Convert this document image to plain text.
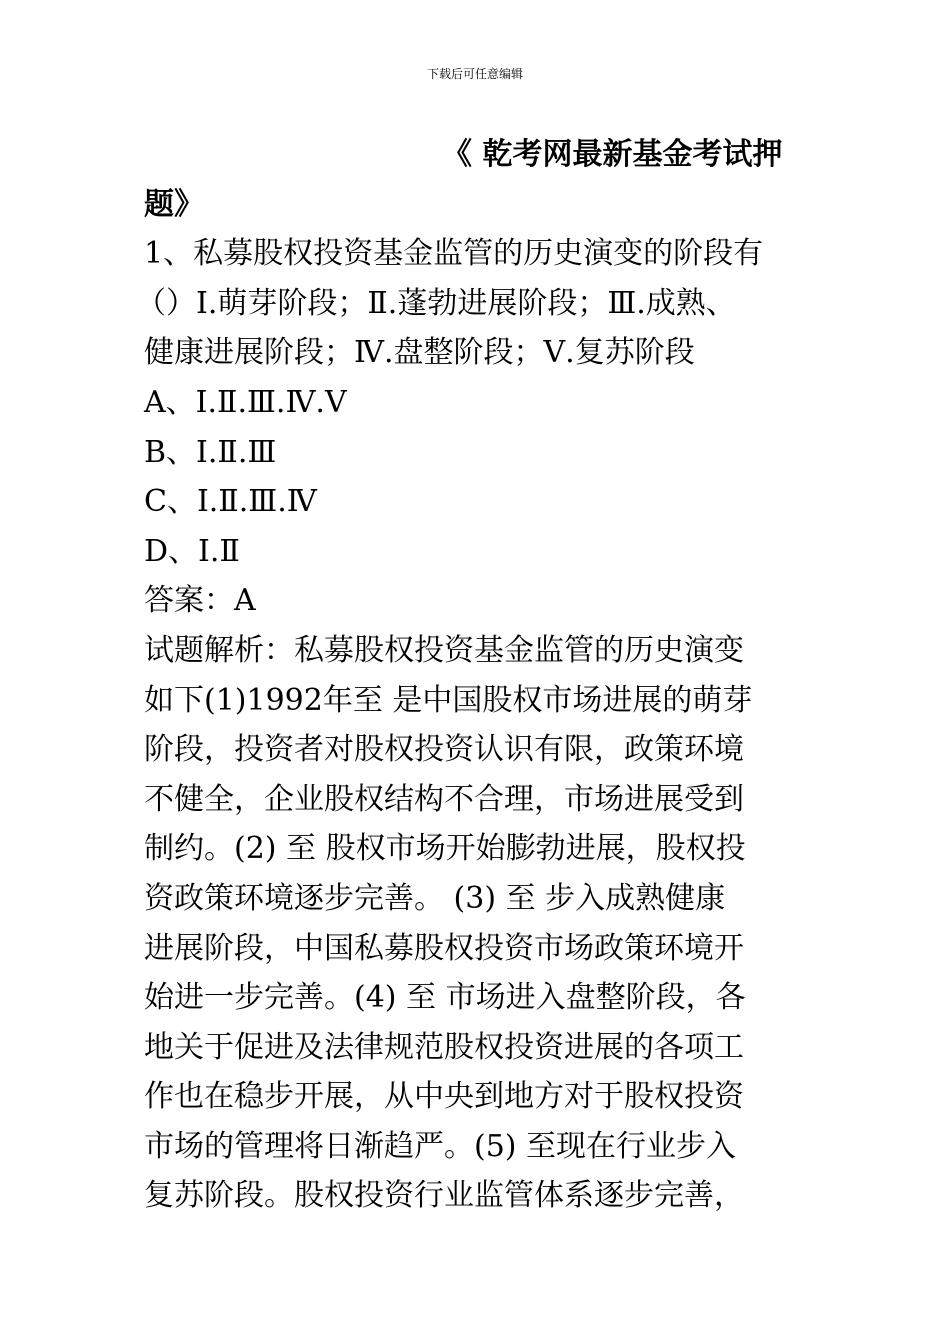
下载后可任意编辑
《 乾考网最新基金考试押
题》
1、私募股权投资基金监管的历史演变的阶段有
（）Ⅰ.萌芽阶段；Ⅱ.蓬勃进展阶段；Ⅲ.成熟、
健康进展阶段；Ⅳ.盘整阶段；Ⅴ.复苏阶段
A、Ⅰ.Ⅱ.Ⅲ.Ⅳ.Ⅴ
B、Ⅰ.Ⅱ.Ⅲ
C、Ⅰ.Ⅱ.Ⅲ.Ⅳ
D、Ⅰ.Ⅱ
答案：A
试题解析：私募股权投资基金监管的历史演变
如下(1)1992年至 是中国股权市场进展的萌芽
阶段，投资者对股权投资认识有限，政策环境
不健全，企业股权结构不合理，市场进展受到
制约。(2) 至 股权市场开始膨勃进展，股权投
资政策环境逐步完善。 (3) 至 步入成熟健康
进展阶段，中国私募股权投资市场政策环境开
始进一步完善。(4) 至 市场进入盘整阶段，各
地关于促进及法律规范股权投资进展的各项工
作也在稳步开展，从中央到地方对于股权投资
市场的管理将日渐趋严。(5) 至现在行业步入
复苏阶段。股权投资行业监管体系逐步完善，
